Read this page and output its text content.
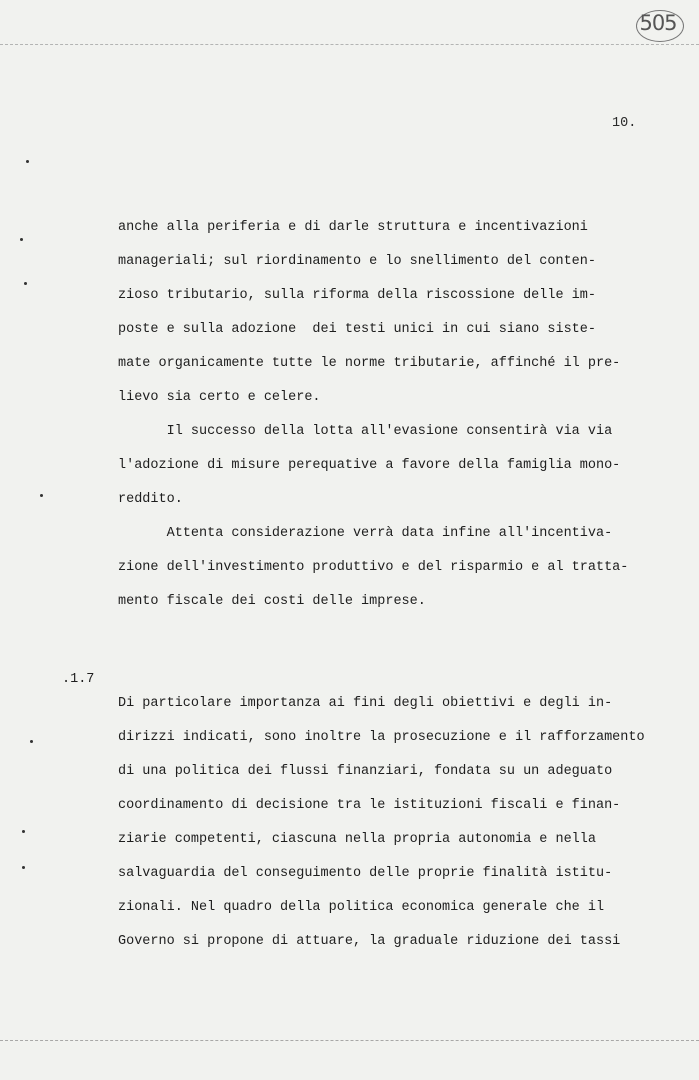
505
10.
.1.7
anche alla periferia e di darle struttura e incentivazioni
manageriali; sul riordinamento e lo snellimento del conten-
zioso tributario, sulla riforma della riscossione delle im-
poste e sulla adozione  dei testi unici in cui siano siste-
mate organicamente tutte le norme tributarie, affinché il pre-
lievo sia certo e celere.
Il successo della lotta all'evasione consentirà via via
l'adozione di misure perequative a favore della famiglia mono-
reddito.
Attenta considerazione verrà data infine all'incentiva-
zione dell'investimento produttivo e del risparmio e al tratta-
mento fiscale dei costi delle imprese.
Di particolare importanza ai fini degli obiettivi e degli in-
dirizzi indicati, sono inoltre la prosecuzione e il rafforzamento
di una politica dei flussi finanziari, fondata su un adeguato
coordinamento di decisione tra le istituzioni fiscali e finan-
ziarie competenti, ciascuna nella propria autonomia e nella
salvaguardia del conseguimento delle proprie finalità istitu-
zionali. Nel quadro della politica economica generale che il
Governo si propone di attuare, la graduale riduzione dei tassi
